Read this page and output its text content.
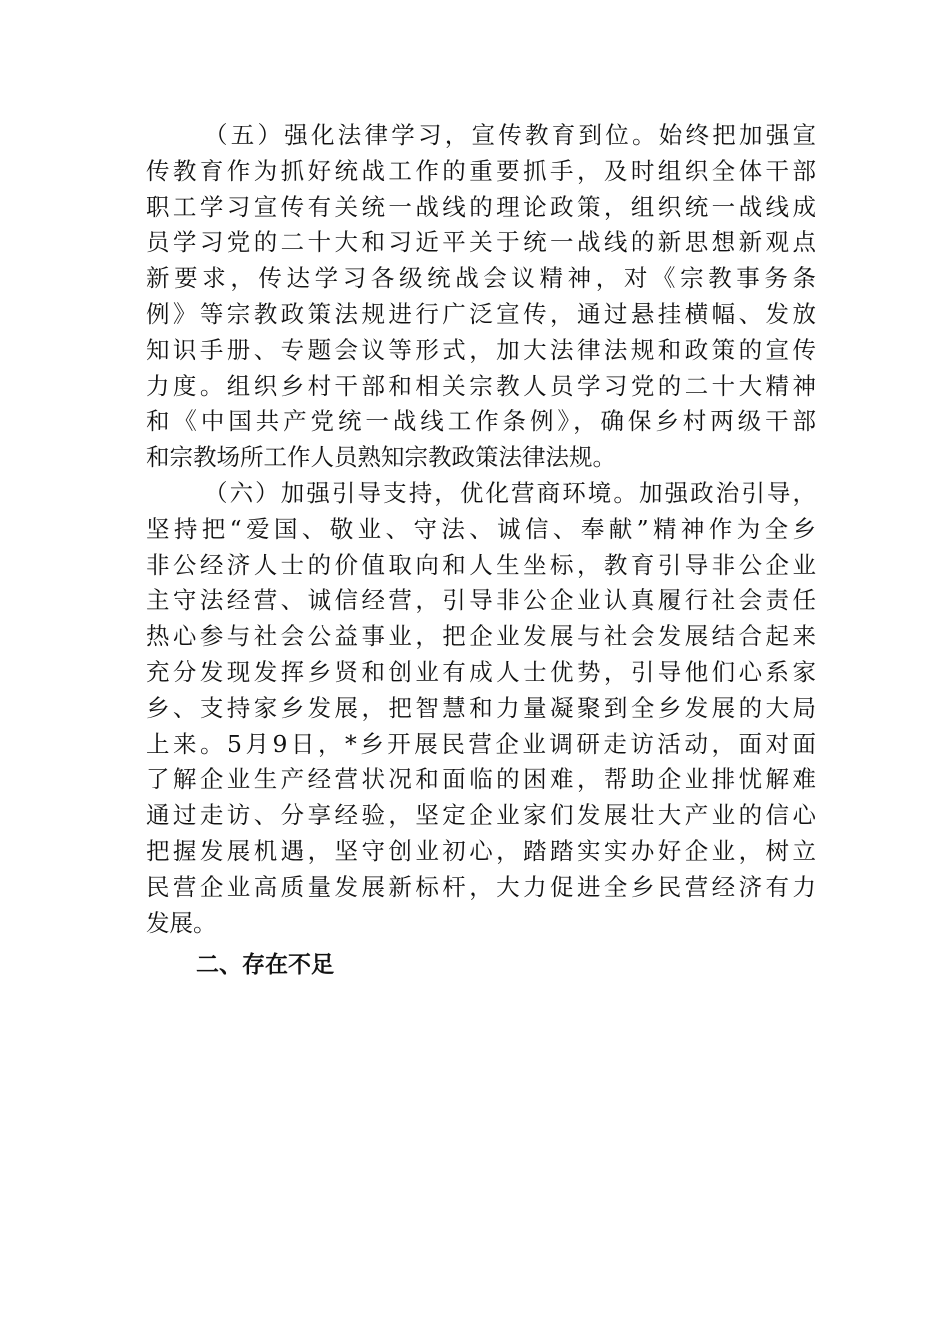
（五）强化法律学习，宣传教育到位。始终把加强宣
传教育作为抓好统战工作的重要抓手，及时组织全体干部
职工学习宣传有关统一战线的理论政策，组织统一战线成
员学习党的二十大和习近平关于统一战线的新思想新观点
新要求，传达学习各级统战会议精神，对《宗教事务条
例》等宗教政策法规进行广泛宣传，通过悬挂横幅、发放
知识手册、专题会议等形式，加大法律法规和政策的宣传
力度。组织乡村干部和相关宗教人员学习党的二十大精神
和《中国共产党统一战线工作条例》，确保乡村两级干部
和宗教场所工作人员熟知宗教政策法律法规。
（六）加强引导支持，优化营商环境。加强政治引导，
坚持把“爱国、敬业、守法、诚信、奉献”精神作为全乡
非公经济人士的价值取向和人生坐标，教育引导非公企业
主守法经营、诚信经营，引导非公企业认真履行社会责任
热心参与社会公益事业，把企业发展与社会发展结合起来
充分发现发挥乡贤和创业有成人士优势，引导他们心系家
乡、支持家乡发展，把智慧和力量凝聚到全乡发展的大局
上来。5月9日，*乡开展民营企业调研走访活动，面对面
了解企业生产经营状况和面临的困难，帮助企业排忧解难
通过走访、分享经验，坚定企业家们发展壮大产业的信心
把握发展机遇，坚守创业初心，踏踏实实办好企业，树立
民营企业高质量发展新标杆，大力促进全乡民营经济有力
发展。
二、存在不足
